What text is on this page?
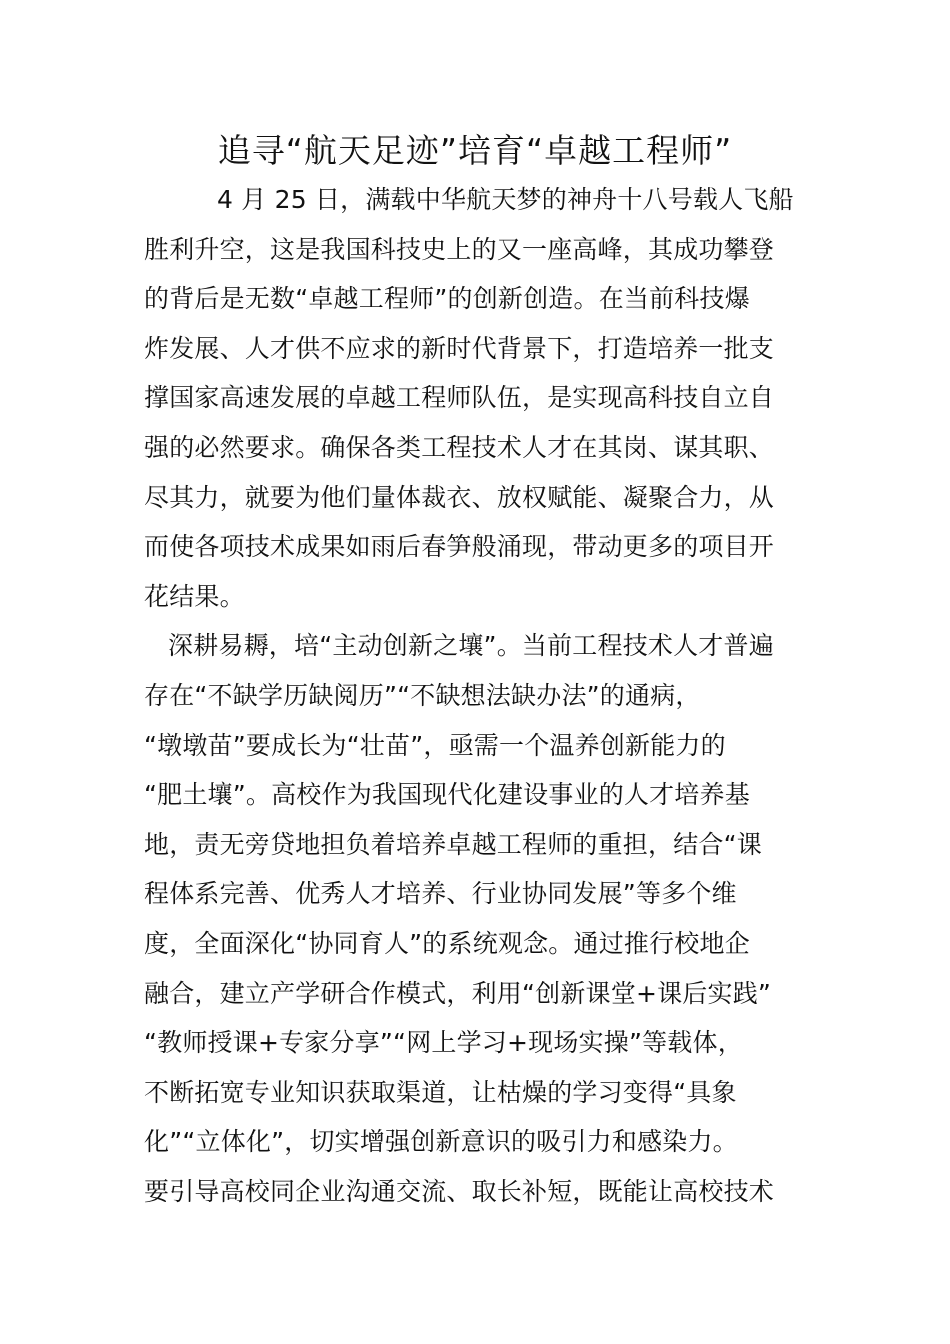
追寻“航天足迹”培育“卓越工程师”
4 月 25 日，满载中华航天梦的神舟十八号载人飞船
胜利升空，这是我国科技史上的又一座高峰，其成功攀登
的背后是无数“卓越工程师”的创新创造。在当前科技爆
炸发展、人才供不应求的新时代背景下，打造培养一批支
撑国家高速发展的卓越工程师队伍，是实现高科技自立自
强的必然要求。确保各类工程技术人才在其岗、谋其职、
尽其力，就要为他们量体裁衣、放权赋能、凝聚合力，从
而使各项技术成果如雨后春笋般涌现，带动更多的项目开
花结果。
深耕易耨，培“主动创新之壤”。当前工程技术人才普遍
存在“不缺学历缺阅历”“不缺想法缺办法”的通病，
“墩墩苗”要成长为“壮苗”，亟需一个温养创新能力的
“肥土壤”。高校作为我国现代化建设事业的人才培养基
地，责无旁贷地担负着培养卓越工程师的重担，结合“课
程体系完善、优秀人才培养、行业协同发展”等多个维
度，全面深化“协同育人”的系统观念。通过推行校地企
融合，建立产学研合作模式，利用“创新课堂+课后实践”
“教师授课+专家分享”“网上学习+现场实操”等载体，
不断拓宽专业知识获取渠道，让枯燥的学习变得“具象
化”“立体化”，切实增强创新意识的吸引力和感染力。
要引导高校同企业沟通交流、取长补短，既能让高校技术
